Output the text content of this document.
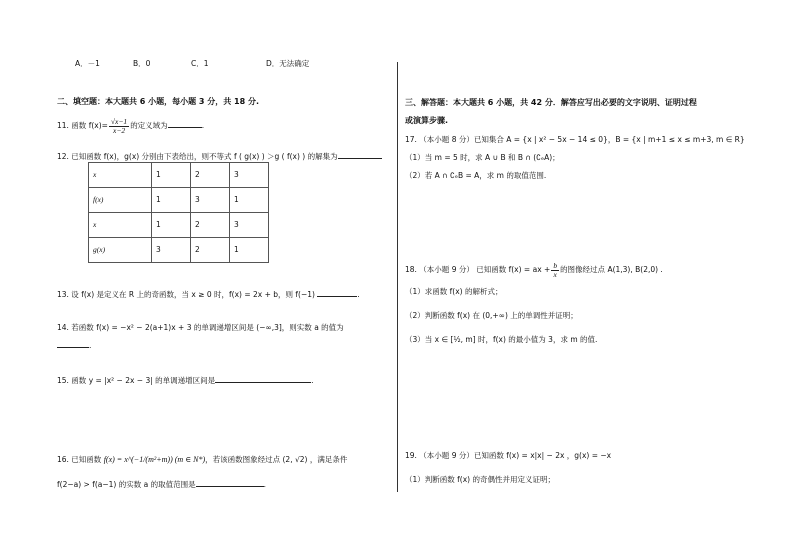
A．－1	B．0	C．1	D．无法确定
二、填空题：本大题共 6 小题，每小题 3 分，共 18 分.
11. 函数 $f(x)= \frac{√x-1}{x-2}$ 的定义域为	.
12. 已知函数 f(x)，g(x) 分别由下表给出，则不等式 f ( g(x) ) ＞g ( f(x) ) 的解集为
x	1	2	3
f(x)	1	3	1
x	1	2	3
g(x)	3	2	1
13. 设 f(x) 是定义在 R 上的奇函数，当 x ≥ 0 时，f(x) = 2x + b，则 f(−1)	.
14. 若函数 f(x) = −x² − 2(a+1)x + 3 的单调递增区间是 (−∞,3]，则实数 a 的值为
.
15. 函数 y = |x² − 2x − 3| 的单调递增区间是	.
16. 已知函数 f(x) = x^(−1/(m²+m)) (m ∈ N*)，若该函数图象经过点 (2, √2) ，满足条件
f(2−a) > f(a−1) 的实数 a 的取值范围是	.
三、解答题：本大题共 6 小题，共 42 分．解答应写出必要的文字说明、证明过程
或演算步骤.
17. （本小题 8 分）已知集合 A = {x | x² − 5x − 14 ≤ 0}，B = {x | m+1 ≤ x ≤ m+3, m ∈ R}
（1）当 m = 5 时，求 A ∪ B 和 B ∩ (∁ₑA)；
（2）若 A ∩ ∁ₑB = A，求 m 的取值范围.
18. （本小题 9 分） 已知函数 f(x) = ax + $\frac{b}{x}$ 的图像经过点 A(1,3), B(2,0) .
（1）求函数 f(x) 的解析式；
（2）判断函数 f(x) 在 (0,+∞) 上的单调性并证明；
（3）当 x ∈ [½, m] 时，f(x) 的最小值为 3，求 m 的值.
19. （本小题 9 分）已知函数 f(x) = x|x| − 2x ，g(x) = −x
（1）判断函数 f(x) 的奇偶性并用定义证明；
